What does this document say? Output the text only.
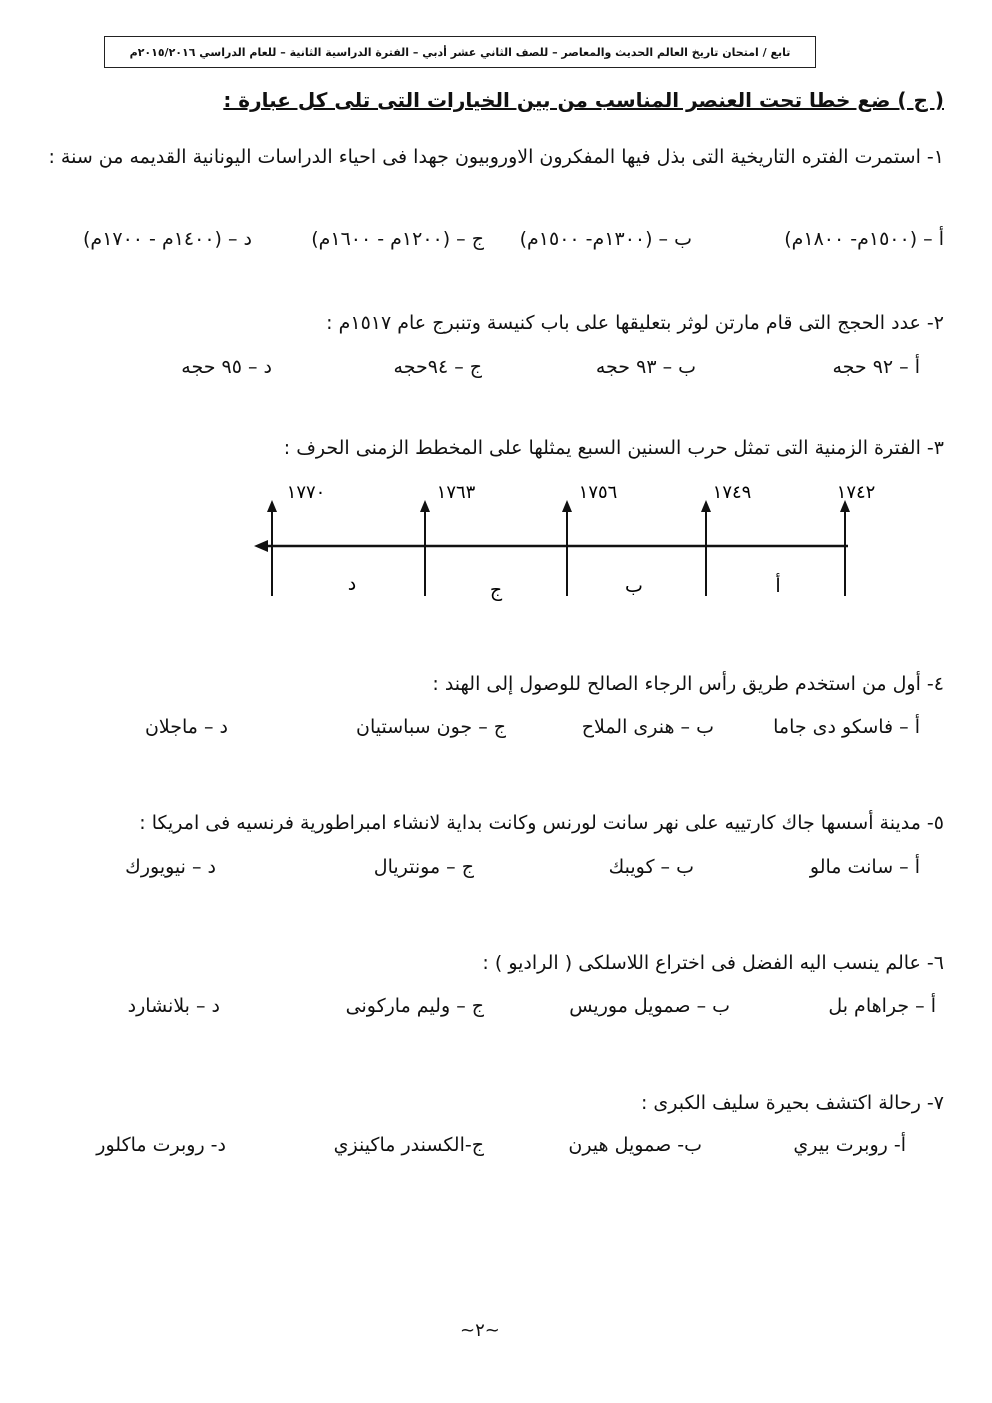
تابع / امتحان تاريخ العالم الحديث والمعاصر – للصف الثاني عشر أدبي – الفترة الدراسية الثانية – للعام الدراسي ٢٠١٥/٢٠١٦م
( ج ) ضع خطا تحت العنصر المناسب من بين الخيارات التى تلى كل عبارة :
١- استمرت الفتره التاريخية التى بذل فيها المفكرون الاوروبيون جهدا فى احياء الدراسات اليونانية القديمه من سنة :
أ – (١٥٠٠م- ١٨٠٠م)
ب – (١٣٠٠م- ١٥٠٠م)
ج – (١٢٠٠م - ١٦٠٠م)
د – (١٤٠٠م - ١٧٠٠م)
٢- عدد الحجج التى قام مارتن لوثر بتعليقها على باب كنيسة وتنبرج عام ١٥١٧م :
أ – ٩٢ حجه
ب – ٩٣ حجه
ج – ٩٤حجه
د – ٩٥ حجه
٣- الفترة الزمنية التى تمثل حرب السنين السبع يمثلها على المخطط الزمنى الحرف :
١٧٤٢
١٧٤٩
١٧٥٦
١٧٦٣
١٧٧٠
أ
ب
ج
د
٤- أول من استخدم طريق رأس الرجاء الصالح للوصول إلى الهند :
أ – فاسكو دى جاما
ب – هنرى الملاح
ج – جون سباستيان
د – ماجلان
٥- مدينة أسسها جاك كارتييه على نهر سانت لورنس وكانت بداية لانشاء امبراطورية فرنسيه فى امريكا :
أ – سانت مالو
ب – كويبك
ج – مونتريال
د – نيويورك
٦- عالم ينسب اليه الفضل فى اختراع اللاسلكى ( الراديو ) :
أ – جراهام بل
ب – صمويل موريس
ج – وليم ماركونى
د – بلانشارد
٧- رحالة اكتشف بحيرة سليف الكبرى :
أ- روبرت بيري
ب- صمويل هيرن
ج-الكسندر ماكينزي
د- روبرت ماكلور
~٢~
